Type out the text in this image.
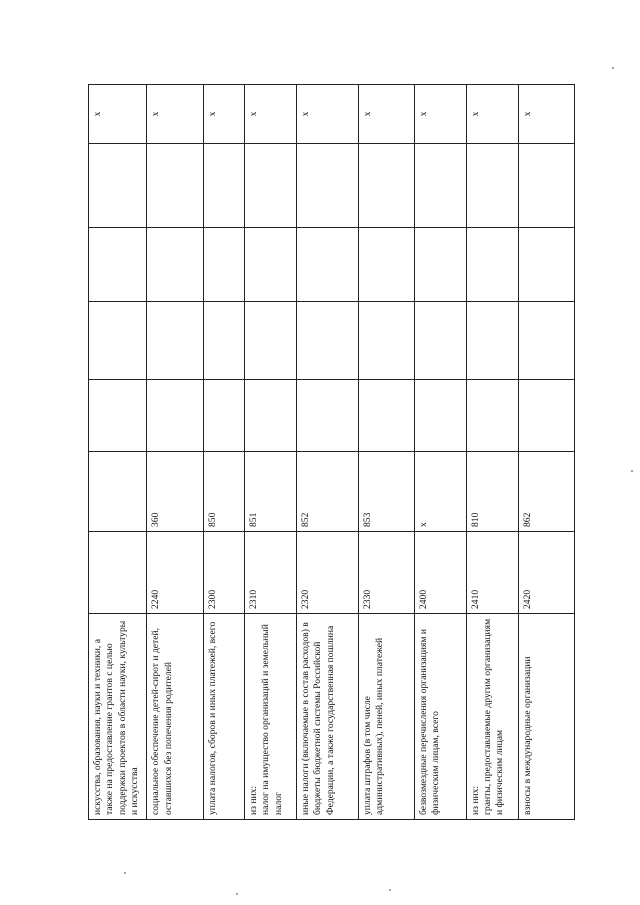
искусства, образования, науки и техники, а также на предоставление грантов с целью поддержки проектов в области науки, культуры и искусства							x
социальное обеспечение детей-сирот и детей, оставшихся без попечения родителей	2240	360					x
уплата налогов, сборов и иных платежей, всего	2300	850					x
из них:
налог на имущество организаций и земельный налог	2310	851					x
иные налоги (включаемые в состав расходов) в бюджеты бюджетной системы Российской Федерации, а также государственная пошлина	2320	852					x
уплата штрафов (в том числе административных), пеней, иных платежей	2330	853					x
безвозмездные перечисления организациям и физическим лицам, всего	2400	x					x
из них:
гранты, предоставляемые другим организациям и физическим лицам	2410	810					x
взносы в международные организации	2420	862					x
